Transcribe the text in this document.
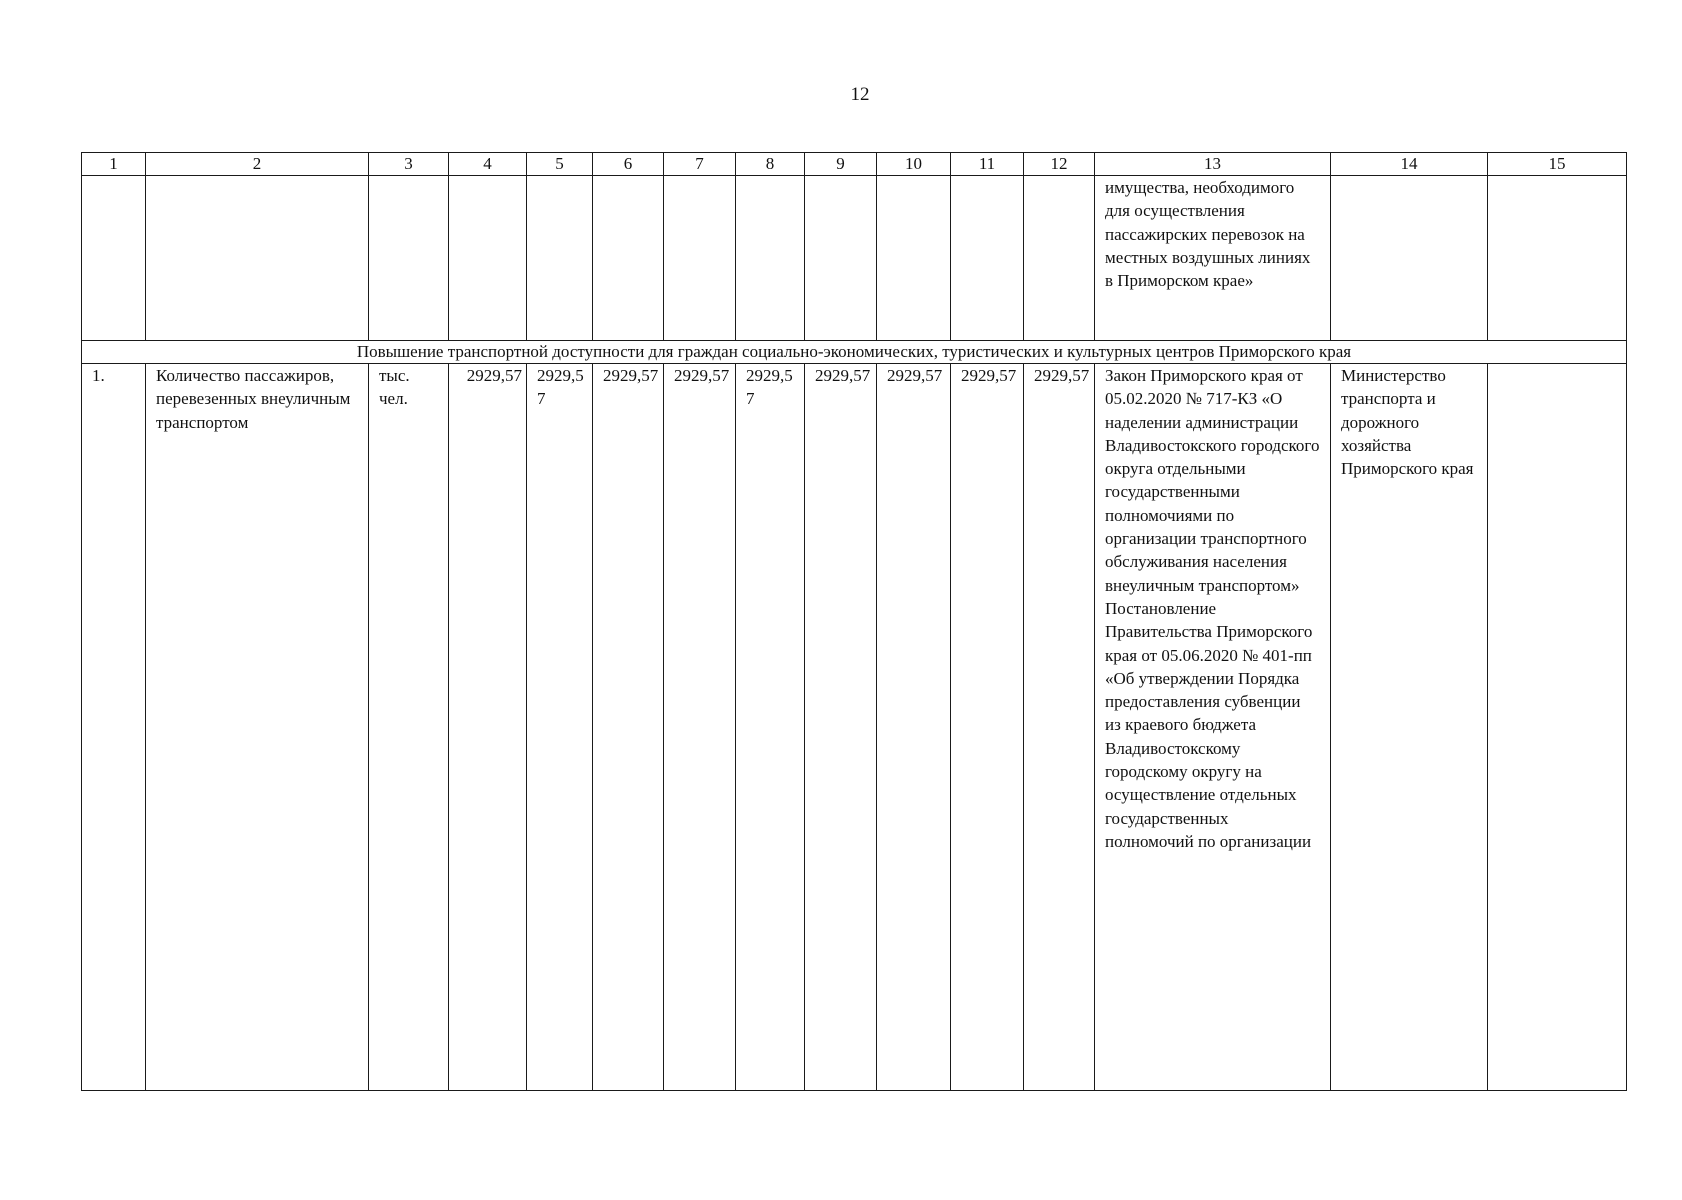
12
1	2	3	4	5	6	7	8	9	10	11	12	13	14	15
												имущества, необходимого для осуществления пассажирских перевозок на местных воздушных линиях в Приморском крае»		
Повышение транспортной доступности для граждан социально-экономических, туристических и культурных центров Приморского края														
1.	Количество пассажиров, перевезенных внеуличным транспортом	тыс. чел.	2929,57	2929,57	2929,57	2929,57	2929,57	2929,57	2929,57	2929,57	2929,57	Закон Приморского края от 05.02.2020 № 717-КЗ «О наделении администрации Владивостокского городского округа отдельными государственными полномочиями по организации транспортного обслуживания населения внеуличным транспортом» Постановление Правительства Приморского края от 05.06.2020 № 401-пп «Об утверждении Порядка предоставления субвенции из краевого бюджета Владивостокскому городскому округу на осуществление отдельных государственных полномочий по организации	Министерство транспорта и дорожного хозяйства Приморского края	
